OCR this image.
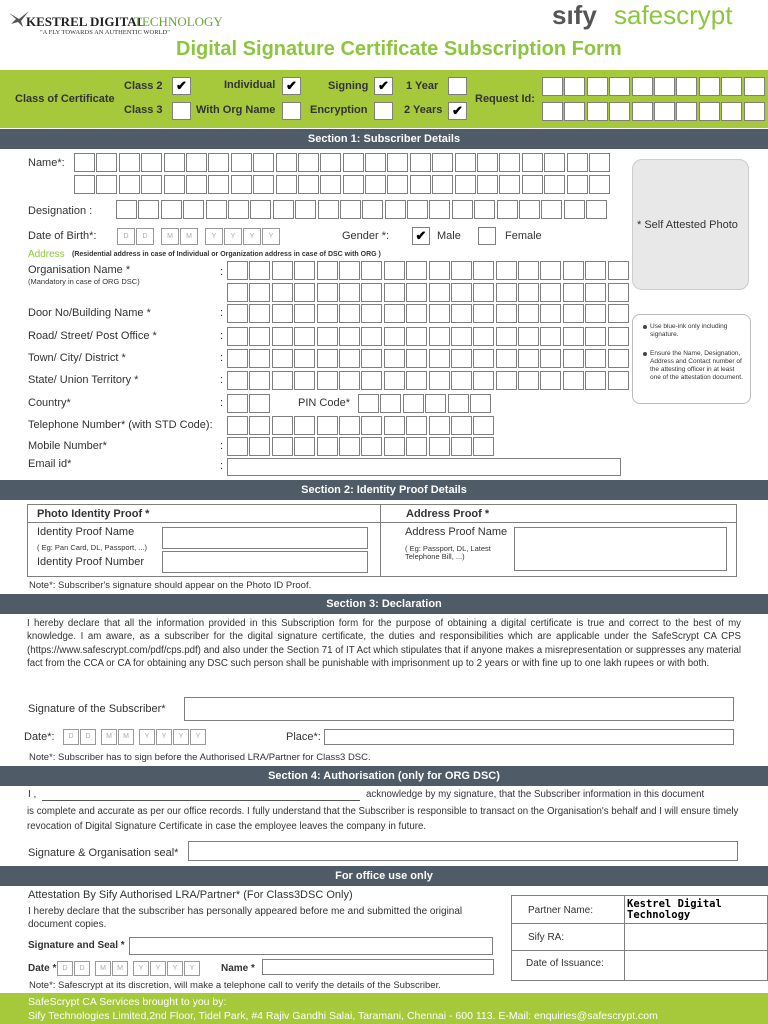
KESTREL DIGITAL
TECHNOLOGY
"A FLY TOWARDS AN AUTHENTIC WORLD"
sıfy safescrypt
Digital Signature Certificate Subscription Form
Class of Certificate
Class 2	✔
Class 3
Individual ✔
With Org Name
Signing ✔
Encryption
1 Year
2 Years ✔
Request Id:
Section 1: Subscriber Details
Name*:
Designation :
Date of Birth*:	D	D	M	M	Y	Y	Y	Y	Gender *: ✔ Male	Female
Address (Residential address in case of Individual or Organization address in case of DSC with ORG )
Organisation Name *
(Mandatory in case of ORG DSC)
:
Door No/Building Name *	:
Road/ Street/ Post Office *	:
Town/ City/ District *	:
State/ Union Territory *	:
Country*	:	PIN Code*
Telephone Number* (with STD Code):
Mobile Number*	:
Email id*	:
* Self Attested Photo
Use blue-ink only including signature.
Ensure the Name, Designation, Address and Contact number of the attesting officer in at least one of the attestation document.
Section 2: Identity Proof Details
Photo Identity Proof *	Address Proof *
Identity Proof Name
( Eg: Pan Card, DL, Passport, ...)
Identity Proof Number
Address Proof Name
( Eg: Passport, DL, Latest Telephone Bill, ...)
Note*: Subscriber's signature should appear on the Photo ID Proof.
Section 3: Declaration
I hereby declare that all the information provided in this Subscription form for the purpose of obtaining a digital certificate is true and correct to the best of my knowledge. I am aware, as a subscriber for the digital signature certificate, the duties and responsibilities which are applicable under the SafeScrypt CA CPS (https://www.safescrypt.com/pdf/cps.pdf) and also under the Section 71 of IT Act which stipulates that if anyone makes a misrepresentation or suppresses any material fact from the CCA or CA for obtaining any DSC such person shall be punishable with imprisonment up to 2 years or with fine up to one lakh rupees or with both.
Signature of the Subscriber*
Date*:	D	D	M	M	Y	Y	Y	Y	Place*:
Note*: Subscriber has to sign before the Authorised LRA/Partner for Class3 DSC.
Section 4: Authorisation (only for ORG DSC)
I ,	acknowledge by my signature, that the Subscriber information in this document
is complete and accurate as per our office records. I fully understand that the Subscriber is responsible to transact on the Organisation's behalf and I will ensure timely revocation of Digital Signature Certificate in case the employee leaves the company in future.
Signature & Organisation seal*
For office use only
Attestation By Sify Authorised LRA/Partner* (For Class3DSC Only)
I hereby declare that the subscriber has personally appeared before me and submitted the original document copies.
Signature and Seal *
Date * D	D	M	M	Y	Y	Y	Y	Name *
Partner Name:
Kestrel Digital Technology
Sify RA:
Date of Issuance:
Note*: Safescrypt at its discretion, will make a telephone call to verify the details of the Subscriber.
SafeScrypt CA Services brought to you by:
Sify Technologies Limited,2nd Floor, Tidel Park, #4 Rajiv Gandhi Salai, Taramani, Chennai - 600 113. E-Mail: enquiries@safescrypt.com
